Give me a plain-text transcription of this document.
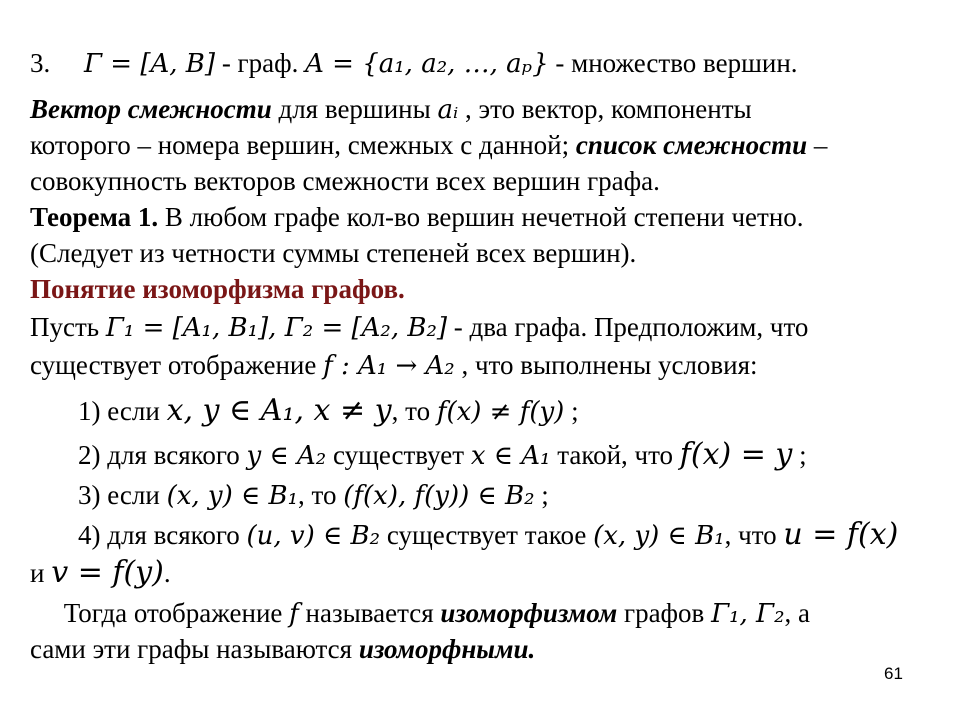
3. Γ = [A, B] - граф. A = {a₁, a₂, …, aₚ} - множество вершин.
Вектор смежности для вершины aᵢ , это вектор, компоненты
которого – номера вершин, смежных с данной; список смежности –
совокупность векторов смежности всех вершин графа.
Теорема 1. В любом графе кол-во вершин нечетной степени четно.
(Следует из четности суммы степеней всех вершин).
Понятие изоморфизма графов.
Пусть Γ₁ = [A₁, B₁], Γ₂ = [A₂, B₂] - два графа. Предположим, что
существует отображение f : A₁ → A₂ , что выполнены условия:
1) если x, y ∈ A₁, x ≠ y, то f(x) ≠ f(y) ;
2) для всякого y ∈ A₂ существует x ∈ A₁ такой, что f(x) = y ;
3) если (x, y) ∈ B₁, то (f(x), f(y)) ∈ B₂ ;
4) для всякого (u, v) ∈ B₂ существует такое (x, y) ∈ B₁, что u = f(x)
и v = f(y).
Тогда отображение f называется изоморфизмом графов Γ₁, Γ₂, а
сами эти графы называются изоморфными.
61
